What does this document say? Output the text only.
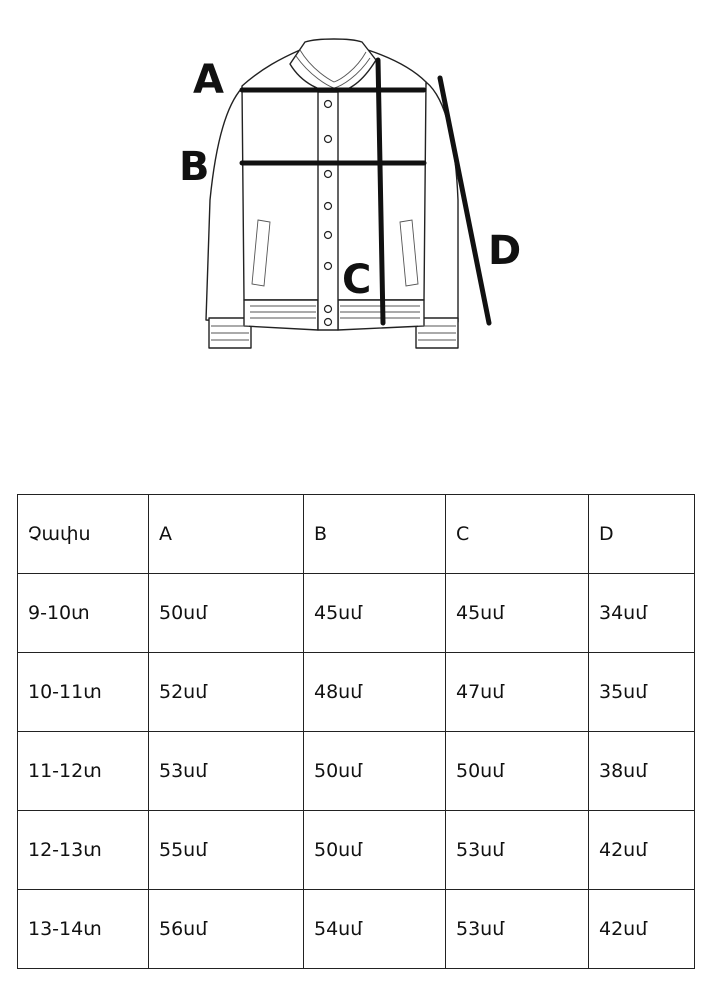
A
B
C
D
Չափս	A	B	C	D
9-10տ	50սմ	45սմ	45սմ	34սմ
10-11տ	52սմ	48սմ	47սմ	35սմ
11-12տ	53սմ	50սմ	50սմ	38սմ
12-13տ	55սմ	50սմ	53սմ	42սմ
13-14տ	56սմ	54սմ	53սմ	42սմ
